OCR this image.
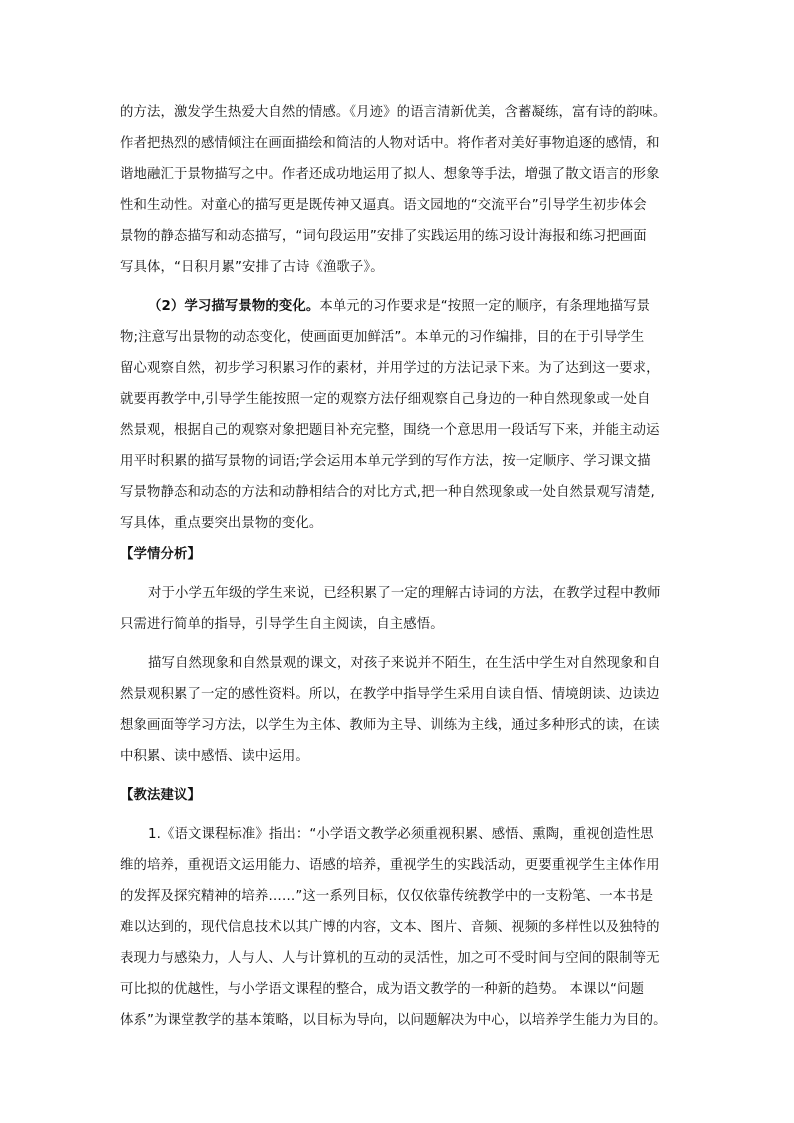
的方法，激发学生热爱大自然的情感。《月迹》的语言清新优美，含蓄凝练，富有诗的韵味。
作者把热烈的感情倾注在画面描绘和简洁的人物对话中。将作者对美好事物追逐的感情，和
谐地融汇于景物描写之中。作者还成功地运用了拟人、想象等手法，增强了散文语言的形象
性和生动性。对童心的描写更是既传神又逼真。语文园地的“交流平台”引导学生初步体会
景物的静态描写和动态描写，“词句段运用”安排了实践运用的练习设计海报和练习把画面
写具体，“日积月累”安排了古诗《渔歌子》。
（2）学习描写景物的变化。本单元的习作要求是“按照一定的顺序，有条理地描写景
物;注意写出景物的动态变化，使画面更加鲜活”。本单元的习作编排，目的在于引导学生
留心观察自然，初步学习积累习作的素材，并用学过的方法记录下来。为了达到这一要求，
就要再教学中,引导学生能按照一定的观察方法仔细观察自己身边的一种自然现象或一处自
然景观，根据自己的观察对象把题目补充完整，围绕一个意思用一段话写下来，并能主动运
用平时积累的描写景物的词语;学会运用本单元学到的写作方法，按一定顺序、学习课文描
写景物静态和动态的方法和动静相结合的对比方式,把一种自然现象或一处自然景观写清楚,
写具体，重点要突出景物的变化。
【学情分析】
对于小学五年级的学生来说，已经积累了一定的理解古诗词的方法，在教学过程中教师
只需进行简单的指导，引导学生自主阅读，自主感悟。
描写自然现象和自然景观的课文，对孩子来说并不陌生，在生活中学生对自然现象和自
然景观积累了一定的感性资料。所以，在教学中指导学生采用自读自悟、情境朗读、边读边
想象画面等学习方法，以学生为主体、教师为主导、训练为主线，通过多种形式的读，在读
中积累、读中感悟、读中运用。
【教法建议】
1.《语文课程标准》指出：“小学语文教学必须重视积累、感悟、熏陶，重视创造性思
维的培养，重视语文运用能力、语感的培养，重视学生的实践活动，更要重视学生主体作用
的发挥及探究精神的培养……”这一系列目标，仅仅依靠传统教学中的一支粉笔、一本书是
难以达到的，现代信息技术以其广博的内容，文本、图片、音频、视频的多样性以及独特的
表现力与感染力，人与人、人与计算机的互动的灵活性，加之可不受时间与空间的限制等无
可比拟的优越性，与小学语文课程的整合，成为语文教学的一种新的趋势。 本课以“问题
体系”为课堂教学的基本策略，以目标为导向，以问题解决为中心，以培养学生能力为目的。
